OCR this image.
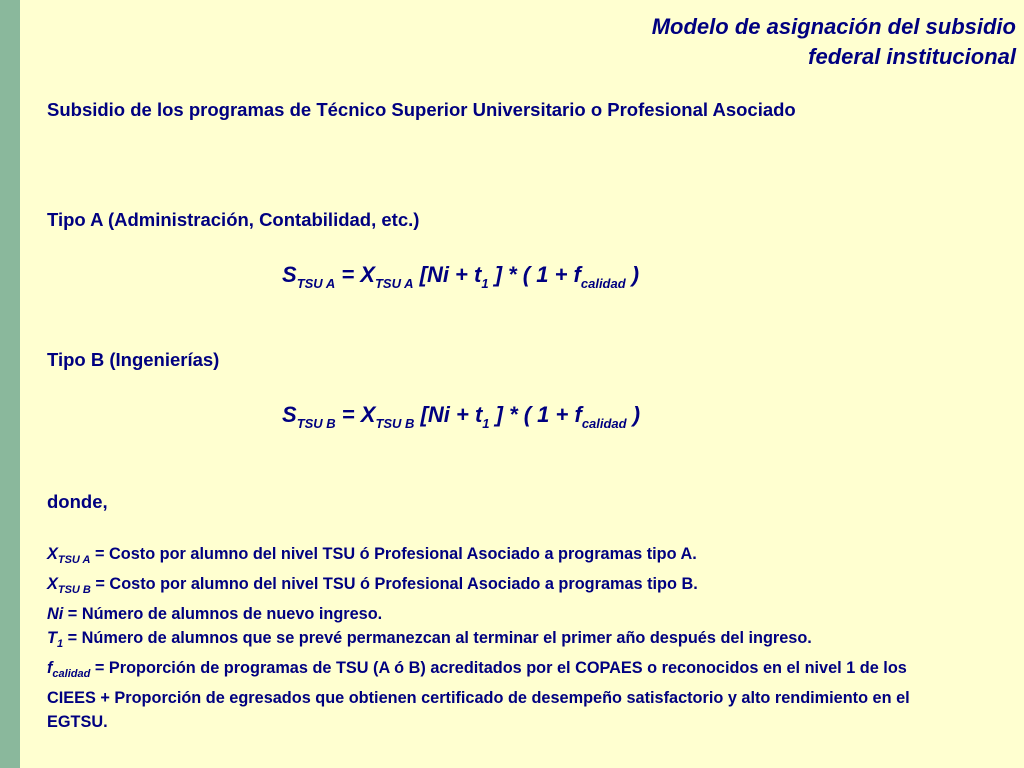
Modelo de asignación del subsidio
federal institucional
Subsidio de los programas de Técnico Superior Universitario o Profesional Asociado
Tipo A (Administración, Contabilidad, etc.)
$S_{TSU A} = X_{TSU A}$ [$Ni + t_1$ ] * ( $1 + f_{calidad}$ )
Tipo B (Ingenierías)
$S_{TSU B} = X_{TSU B}$ [$Ni + t_1$ ] * ( $1 + f_{calidad}$ )
donde,
$X_{TSU A}$ = Costo por alumno del nivel TSU ó Profesional Asociado a programas tipo A.
$X_{TSU B}$ = Costo por alumno del nivel TSU ó Profesional Asociado a programas tipo B.
Ni = Número de alumnos de nuevo ingreso.
$T_1$ = Número de alumnos que se prevé permanezcan al terminar el primer año después del ingreso.
$f_{calidad}$ = Proporción de programas de TSU (A ó B) acreditados por el COPAES o reconocidos en el nivel 1 de los CIEES + Proporción de egresados que obtienen certificado de desempeño satisfactorio y alto rendimiento en el EGTSU.
